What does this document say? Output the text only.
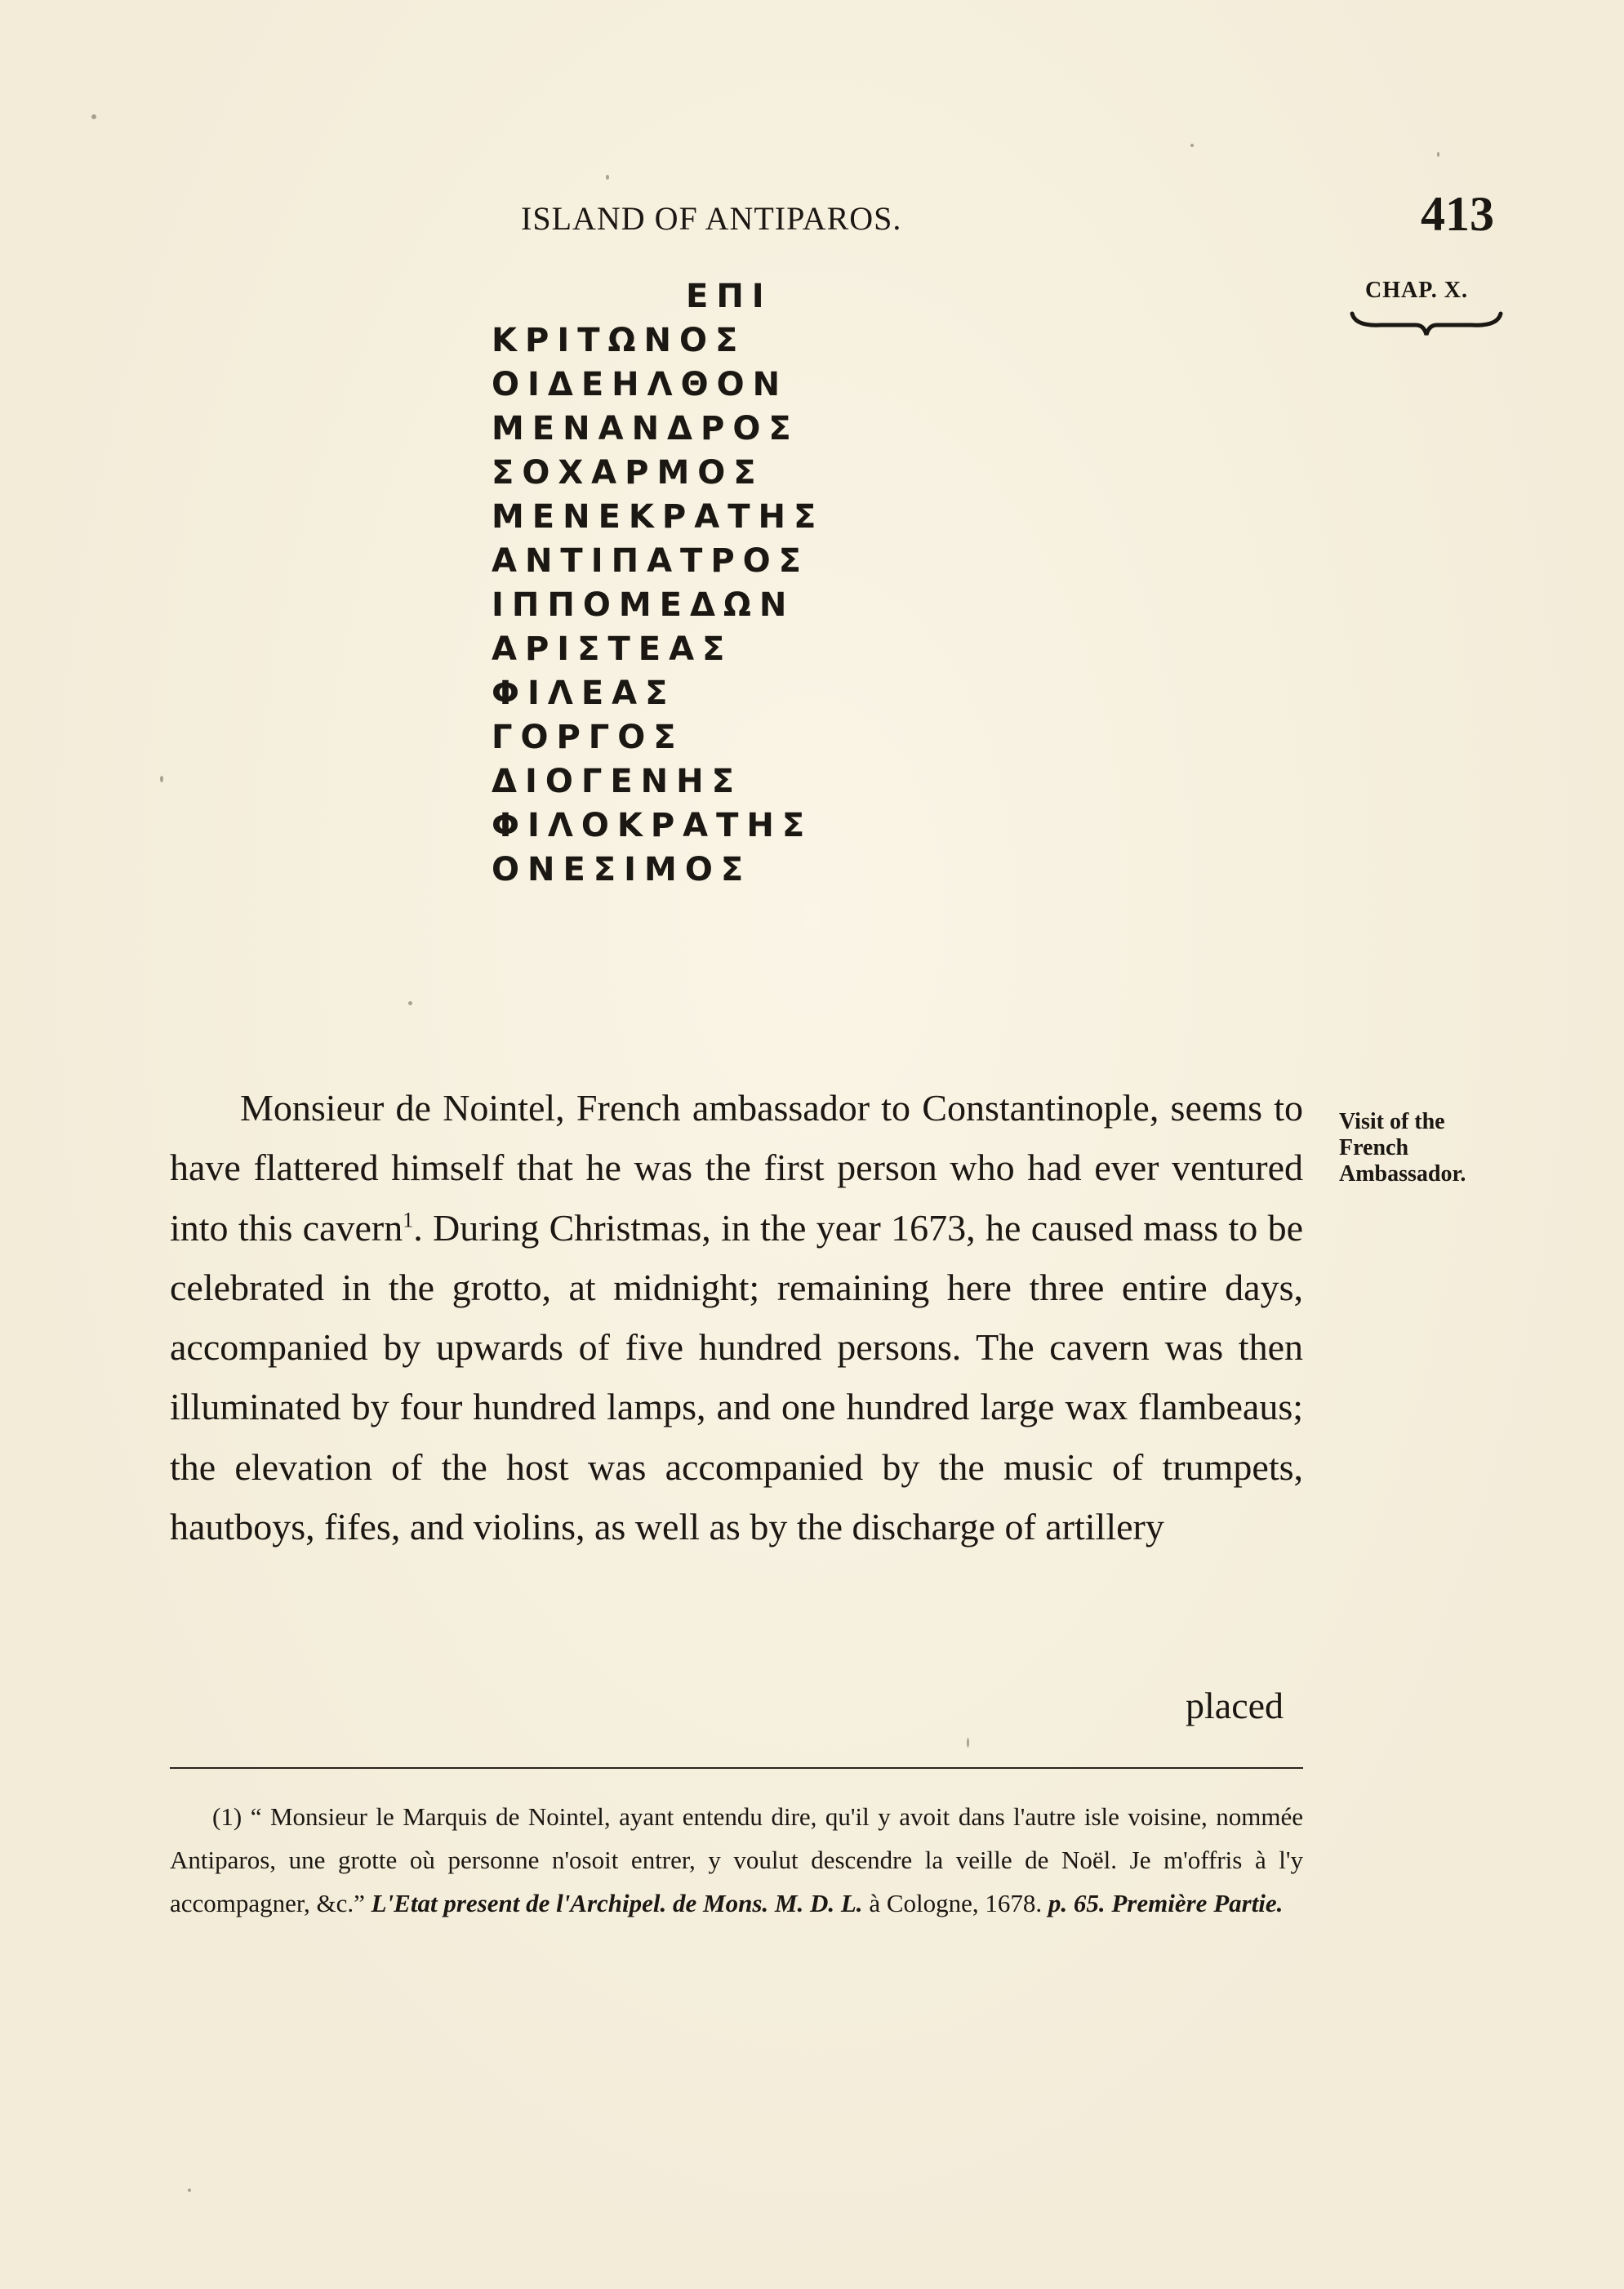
ISLAND OF ANTIPAROS.	413
CHAP. X.
ΕΠΙ
ΚΡΙΤΩΝΟΣ
ΟΙΔΕΗΛΘΟΝ
ΜΕΝΑΝΔΡΟΣ
ΣΟΧΑΡΜΟΣ
ΜΕΝΕΚΡΑΤΗΣ
ΑΝΤΙΠΑΤΡΟΣ
ΙΠΠΟΜΕΔΩΝ
ΑΡΙΣΤΕΑΣ
ΦΙΛΕΑΣ
ΓΟΡΓΟΣ
ΔΙΟΓΕΝΗΣ
ΦΙΛΟΚΡΑΤΗΣ
ΟΝΕΣΙΜΟΣ
Monsieur de Nointel, French ambassador to Constantinople, seems to have flattered himself that he was the first person who had ever ventured into this cavern$^1$. During Christmas, in the year 1673, he caused mass to be celebrated in the grotto, at midnight; remaining here three entire days, accompanied by upwards of five hundred persons. The cavern was then illuminated by four hundred lamps, and one hundred large wax flambeaus; the elevation of the host was accompanied by the music of trumpets, hautboys, fifes, and violins, as well as by the discharge of artillery
Visit of the French Ambassador.
placed
(1) “ Monsieur le Marquis de Nointel, ayant entendu dire, qu'il y avoit dans l'autre isle voisine, nommée Antiparos, une grotte où personne n'osoit entrer, y voulut descendre la veille de Noël. Je m'offris à l'y accompagner, &c.” L'Etat present de l'Archipel. de Mons. M. D. L. à Cologne, 1678. p. 65. Première Partie.
